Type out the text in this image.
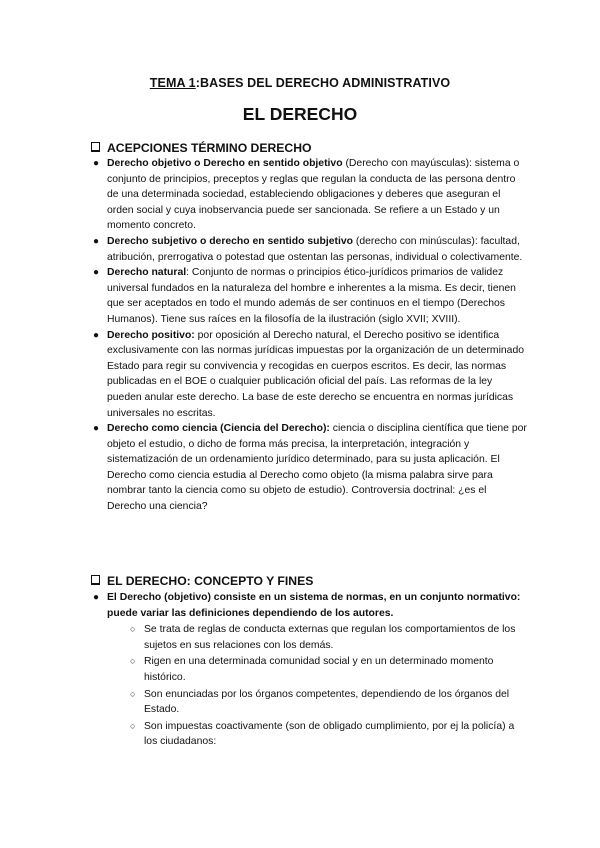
TEMA 1:BASES DEL DERECHO ADMINISTRATIVO
EL DERECHO
ACEPCIONES TÉRMINO DERECHO
● Derecho objetivo o Derecho en sentido objetivo (Derecho con mayúsculas): sistema o conjunto de principios, preceptos y reglas que regulan la conducta de las persona dentro de una determinada sociedad, estableciendo obligaciones y deberes que aseguran el orden social y cuya inobservancia puede ser sancionada. Se refiere a un Estado y un momento concreto.
● Derecho subjetivo o derecho en sentido subjetivo (derecho con minúsculas): facultad, atribución, prerrogativa o potestad que ostentan las personas, individual o colectivamente.
● Derecho natural: Conjunto de normas o principios ético-jurídicos primarios de validez universal fundados en la naturaleza del hombre e inherentes a la misma. Es decir, tienen que ser aceptados en todo el mundo además de ser continuos en el tiempo (Derechos Humanos). Tiene sus raíces en la filosofía de la ilustración (siglo XVII; XVIII).
● Derecho positivo: por oposición al Derecho natural, el Derecho positivo se identifica exclusivamente con las normas jurídicas impuestas por la organización de un determinado Estado para regir su convivencia y recogidas en cuerpos escritos. Es decir, las normas publicadas en el BOE o cualquier publicación oficial del país. Las reformas de la ley pueden anular este derecho. La base de este derecho se encuentra en normas jurídicas universales no escritas.
● Derecho como ciencia (Ciencia del Derecho): ciencia o disciplina científica que tiene por objeto el estudio, o dicho de forma más precisa, la interpretación, integración y sistematización de un ordenamiento jurídico determinado, para su justa aplicación. El Derecho como ciencia estudia al Derecho como objeto (la misma palabra sirve para nombrar tanto la ciencia como su objeto de estudio). Controversia doctrinal: ¿es el Derecho una ciencia?
EL DERECHO: CONCEPTO Y FINES
● El Derecho (objetivo) consiste en un sistema de normas, en un conjunto normativo: puede variar las definiciones dependiendo de los autores.
○ Se trata de reglas de conducta externas que regulan los comportamientos de los sujetos en sus relaciones con los demás.
○ Rigen en una determinada comunidad social y en un determinado momento histórico.
○ Son enunciadas por los órganos competentes, dependiendo de los órganos del Estado.
○ Son impuestas coactivamente (son de obligado cumplimiento, por ej la policía) a los ciudadanos:
